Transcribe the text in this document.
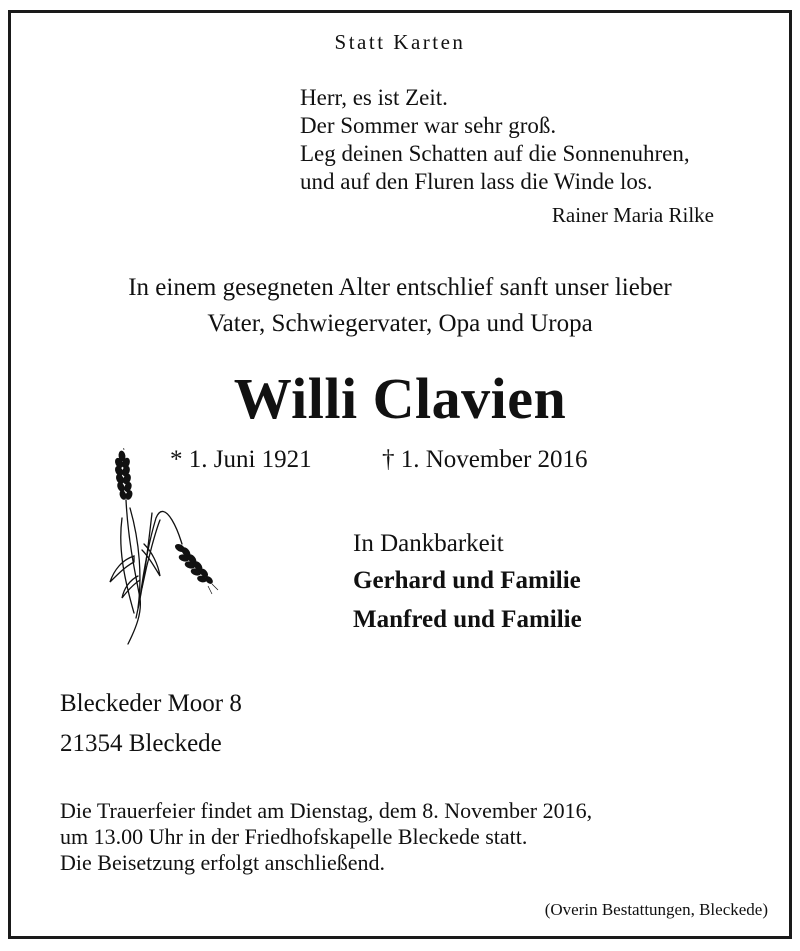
Statt Karten
Herr, es ist Zeit.
Der Sommer war sehr groß.
Leg deinen Schatten auf die Sonnenuhren,
und auf den Fluren lass die Winde los.
Rainer Maria Rilke
In einem gesegneten Alter entschlief sanft unser lieber
Vater, Schwiegervater, Opa und Uropa
Willi Clavien
* 1. Juni 1921	† 1. November 2016
In Dankbarkeit
Gerhard und Familie
Manfred und Familie
Bleckeder Moor 8
21354 Bleckede
Die Trauerfeier findet am Dienstag, dem 8. November 2016,
um 13.00 Uhr in der Friedhofskapelle Bleckede statt.
Die Beisetzung erfolgt anschließend.
(Overin Bestattungen, Bleckede)
